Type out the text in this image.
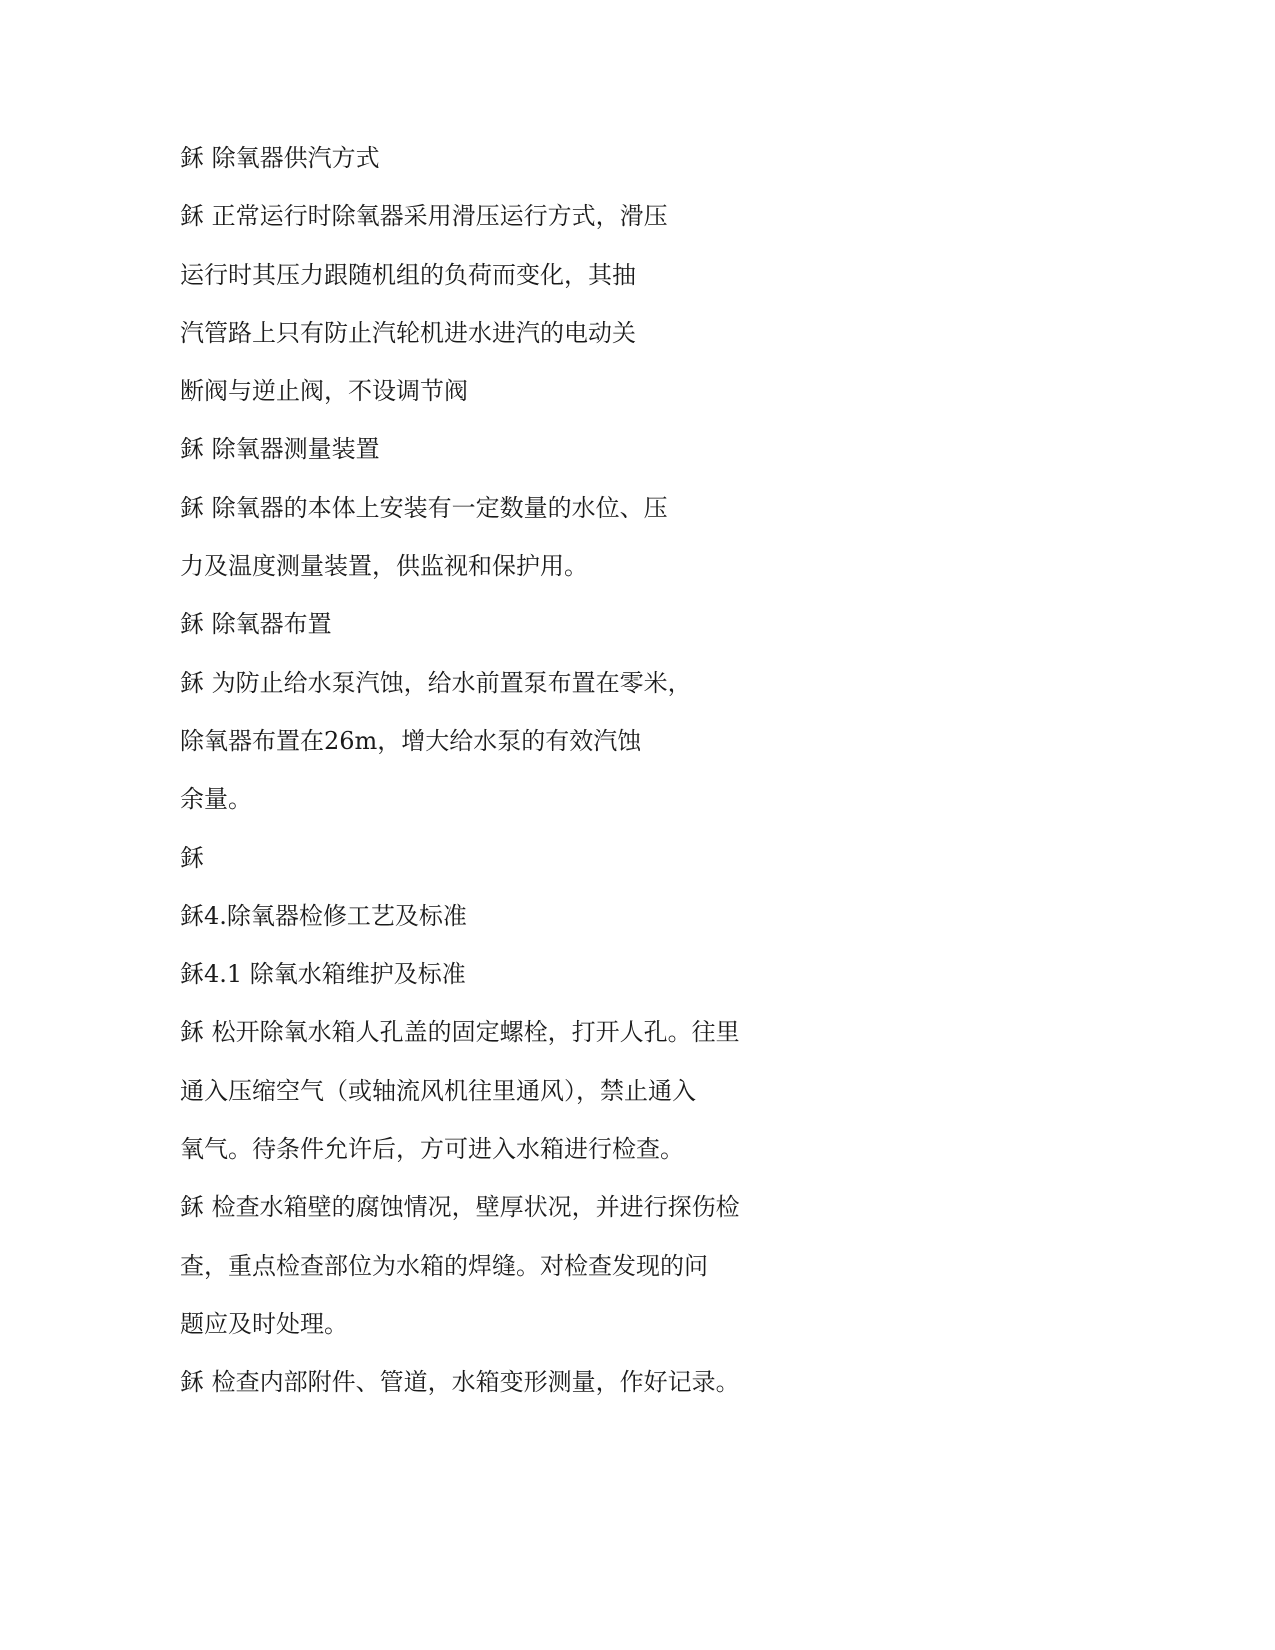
鉌 除氧器供汽方式
鉌 正常运行时除氧器采用滑压运行方式，滑压
运行时其压力跟随机组的负荷而变化，其抽
汽管路上只有防止汽轮机进水进汽的电动关
断阀与逆止阀，不设调节阀
鉌 除氧器测量装置
鉌 除氧器的本体上安装有一定数量的水位、压
力及温度测量装置，供监视和保护用。
鉌 除氧器布置
鉌 为防止给水泵汽蚀，给水前置泵布置在零米，
除氧器布置在26m，增大给水泵的有效汽蚀
余量。
鉌
鉌4.除氧器检修工艺及标准
鉌4.1 除氧水箱维护及标准
鉌 松开除氧水箱人孔盖的固定螺栓，打开人孔。往里
通入压缩空气（或轴流风机往里通风），禁止通入
氧气。待条件允许后，方可进入水箱进行检查。
鉌 检查水箱壁的腐蚀情况，壁厚状况，并进行探伤检
查，重点检查部位为水箱的焊缝。对检查发现的问
题应及时处理。
鉌 检查内部附件、管道，水箱变形测量，作好记录。
